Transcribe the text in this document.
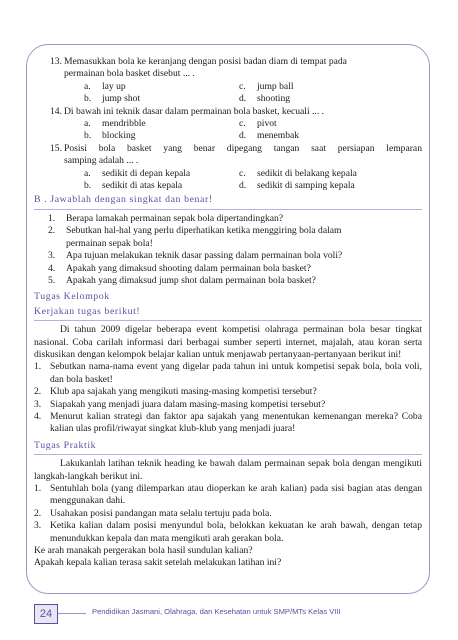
13. Memasukkan bola ke keranjang dengan posisi badan diam di tempat pada
permainan bola basket disebut ... .
a.	lay up	c.	jump ball
b.	jump shot	d.	shooting
14. Di bawah ini teknik dasar dalam permainan bola basket, kecuali ... .
a.	mendribble	c.	pivot
b.	blocking	d.	menembak
15. Posisi bola basket yang benar dipegang tangan saat persiapan lemparan
samping adalah ... .
a.	sedikit di depan kepala	c.	sedikit di belakang kepala
b.	sedikit di atas kepala	d.	sedikit di samping kepala
B . Jawablah dengan singkat dan benar!
1. Berapa lamakah permainan sepak bola dipertandingkan?
2. Sebutkan hal-hal yang perlu diperhatikan ketika menggiring bola dalam
permainan sepak bola!
3. Apa tujuan melakukan teknik dasar passing dalam permainan bola voli?
4. Apakah yang dimaksud shooting dalam permainan bola basket?
5. Apakah yang dimaksud jump shot dalam permainan bola basket?
Tugas Kelompok
Kerjakan tugas berikut!
Di tahun 2009 digelar beberapa event kompetisi olahraga permainan bola besar tingkat nasional. Coba carilah informasi dari berbagai sumber seperti internet, majalah, atau koran serta diskusikan dengan kelompok belajar kalian untuk menjawab pertanyaan-pertanyaan berikut ini!
1. Sebutkan nama-nama event yang digelar pada tahun ini untuk kompetisi sepak bola, bola voli, dan bola basket!
2. Klub apa sajakah yang mengikuti masing-masing kompetisi tersebut?
3. Siapakah yang menjadi juara dalam masing-masing kompetisi tersebut?
4. Menurut kalian strategi dan faktor apa sajakah yang menentukan kemenangan mereka? Coba kalian ulas profil/riwayat singkat klub-klub yang menjadi juara!
Tugas Praktik
Lakukanlah latihan teknik heading ke bawah dalam permainan sepak bola dengan mengikuti langkah-langkah berikut ini.
1. Sentuhlah bola (yang dilemparkan atau dioperkan ke arah kalian) pada sisi bagian atas dengan menggunakan dahi.
2. Usahakan posisi pandangan mata selalu tertuju pada bola.
3. Ketika kalian dalam posisi menyundul bola, belokkan kekuatan ke arah bawah, dengan tetap menundukkan kepala dan mata mengikuti arah gerakan bola.
Ke arah manakah pergerakan bola hasil sundulan kalian?
Apakah kepala kalian terasa sakit setelah melakukan latihan ini?
24	Pendidikan Jasmani, Olahraga, dan Kesehatan untuk SMP/MTs Kelas VIII
